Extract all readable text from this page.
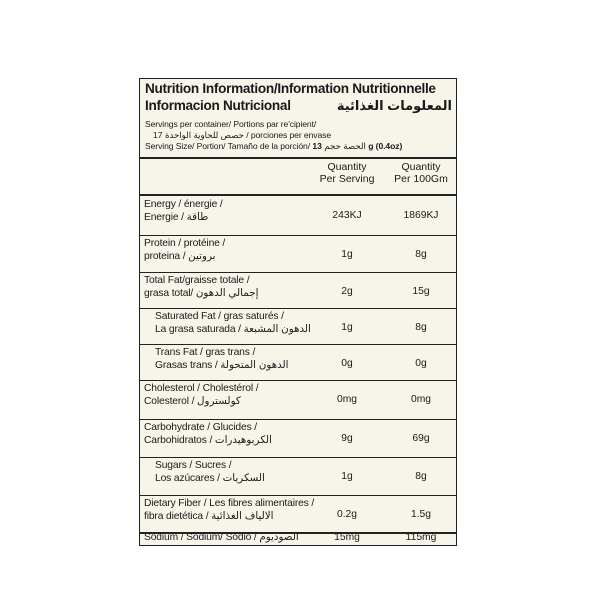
Nutrition Information/Information Nutritionnelle
Informacion Nutricional	المعلومات الغذائية
Servings per container/ Portions par re'cipient/
porciones per envase / حصص للحاوية الواحدة 17
Serving Size/ Portion/ Tamaño de la porción/ الحصة حجم 13 g (0.4oz)
Quantity
Per Serving
Quantity
Per 100Gm
Energy / énergie /
Energie / طاقة	243KJ	1869KJ
Protein / protéine /
proteina / بروتين	1g	8g
Total Fat/graisse totale /
grasa total/ إجمالي الدهون	2g	15g
Saturated Fat / gras saturés /
La grasa saturada / الدهون المشبعة	1g	8g
Trans Fat / gras trans /
Grasas trans / الدهون المتحولة	0g	0g
Cholesterol / Cholestérol /
Colesterol / كولسترول	0mg	0mg
Carbohydrate / Glucides /
Carbohidratos / الكربوهيدرات	9g	69g
Sugars / Sucres /
Los azúcares / السكريات	1g	8g
Dietary Fiber / Les fibres alimentaires /
fibra dietética / الالياف الغذائية	0.2g	1.5g
Sodium / Sodium/ Sodio / الصوديوم	15mg	115mg
